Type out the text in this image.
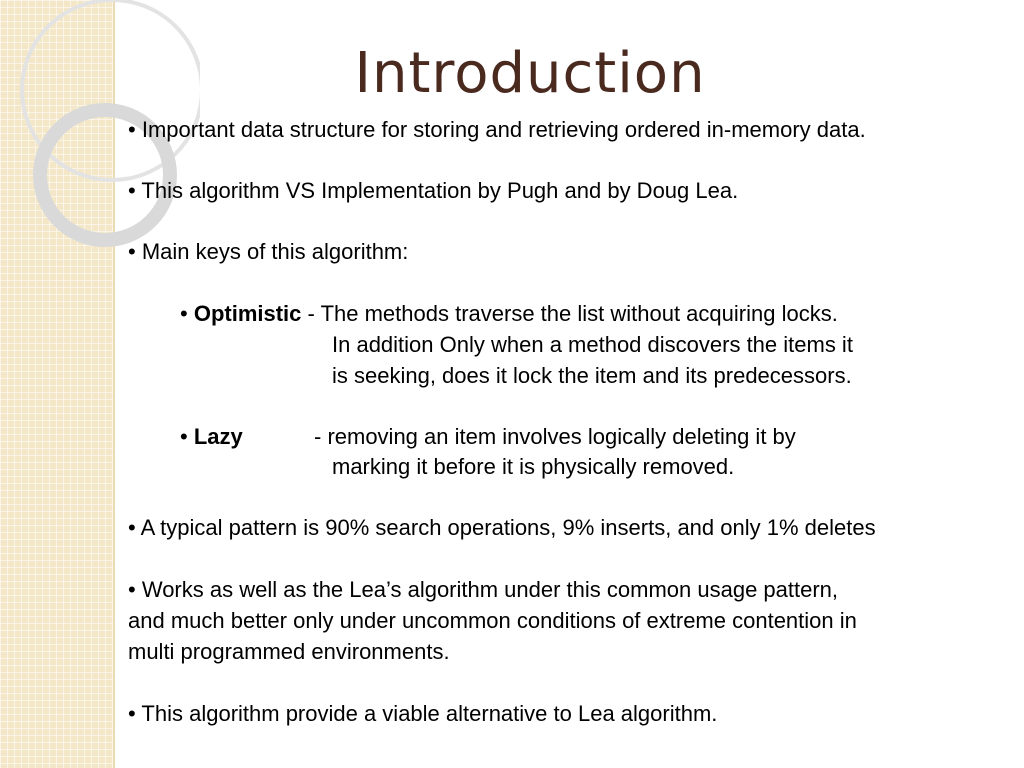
Introduction
• Important data structure for storing and retrieving ordered in-memory data.
• This algorithm VS Implementation by Pugh and by Doug Lea.
• Main keys of this algorithm:
• Optimistic - The methods traverse the list without acquiring locks.
In addition Only when a method discovers the items it
is seeking, does it lock the item and its predecessors.
• Lazy	- removing an item involves logically deleting it by
marking it before it is physically removed.
• A typical pattern is 90% search operations, 9% inserts, and only 1% deletes
• Works as well as the Lea’s algorithm under this common usage pattern,
and much better only under uncommon conditions of extreme contention in
multi programmed environments.
• This algorithm provide a viable alternative to Lea algorithm.
